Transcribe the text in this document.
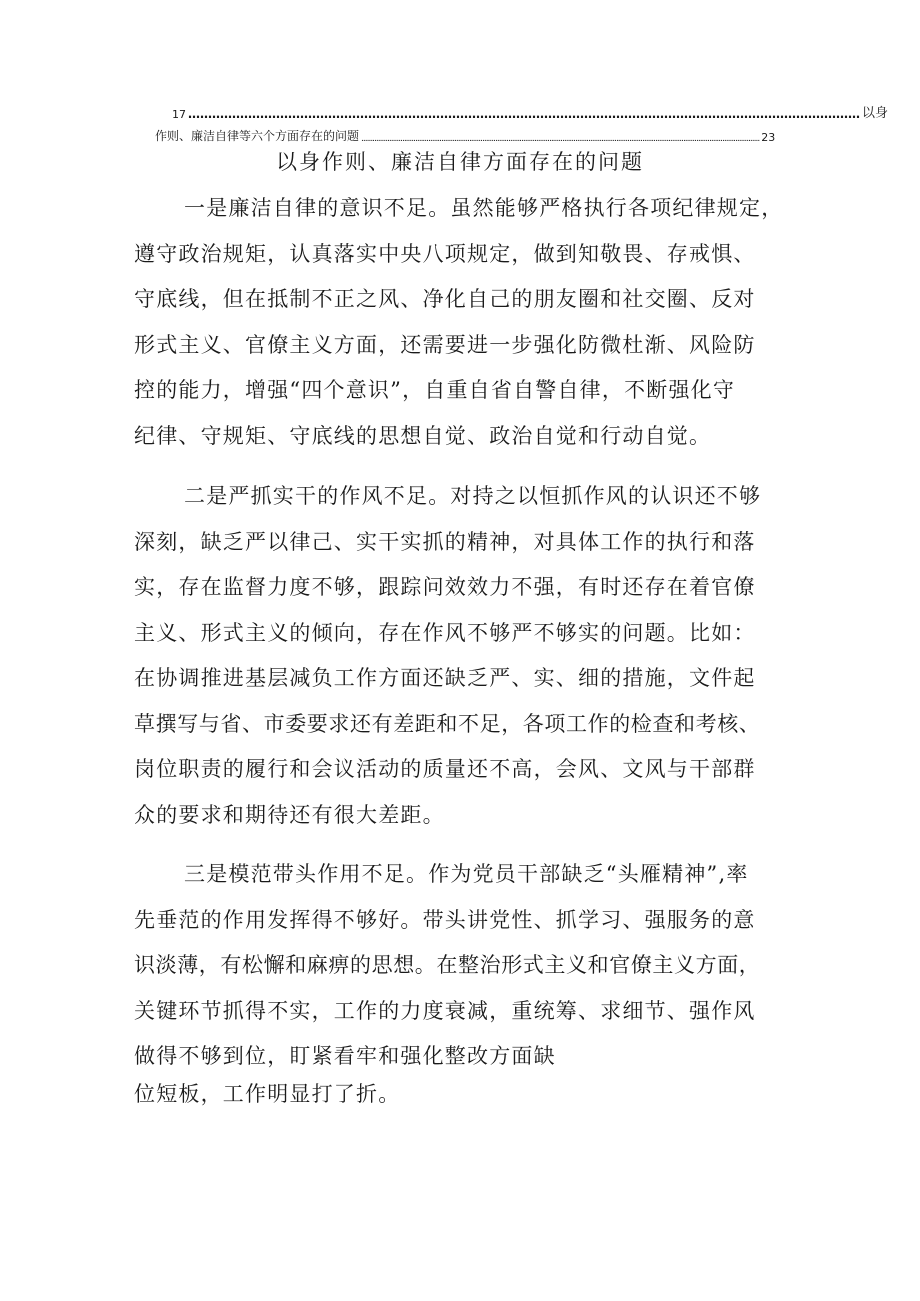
17 …………………………………………………………………………………………………………………………………………………… 以身
作则、廉洁自律等六个方面存在的问题 ...................................................................................................................................................................................................................... 23
以身作则、廉洁自律方面存在的问题
一是廉洁自律的意识不足。虽然能够严格执行各项纪律规定，
遵守政治规矩，认真落实中央八项规定，做到知敬畏、存戒惧、
守底线，但在抵制不正之风、净化自己的朋友圈和社交圈、反对
形式主义、官僚主义方面，还需要进一步强化防微杜渐、风险防
控的能力，增强“四个意识”，自重自省自警自律，不断强化守
纪律、守规矩、守底线的思想自觉、政治自觉和行动自觉。
二是严抓实干的作风不足。对持之以恒抓作风的认识还不够
深刻，缺乏严以律己、实干实抓的精神，对具体工作的执行和落
实，存在监督力度不够，跟踪问效效力不强，有时还存在着官僚
主义、形式主义的倾向，存在作风不够严不够实的问题。比如：
在协调推进基层减负工作方面还缺乏严、实、细的措施，文件起
草撰写与省、市委要求还有差距和不足，各项工作的检查和考核、
岗位职责的履行和会议活动的质量还不高，会风、文风与干部群
众的要求和期待还有很大差距。
三是模范带头作用不足。作为党员干部缺乏“头雁精神”,率
先垂范的作用发挥得不够好。带头讲党性、抓学习、强服务的意
识淡薄，有松懈和麻痹的思想。在整治形式主义和官僚主义方面，
关键环节抓得不实，工作的力度衰减，重统筹、求细节、强作风
做得不够到位，盯紧看牢和强化整改方面缺
位短板，工作明显打了折。
